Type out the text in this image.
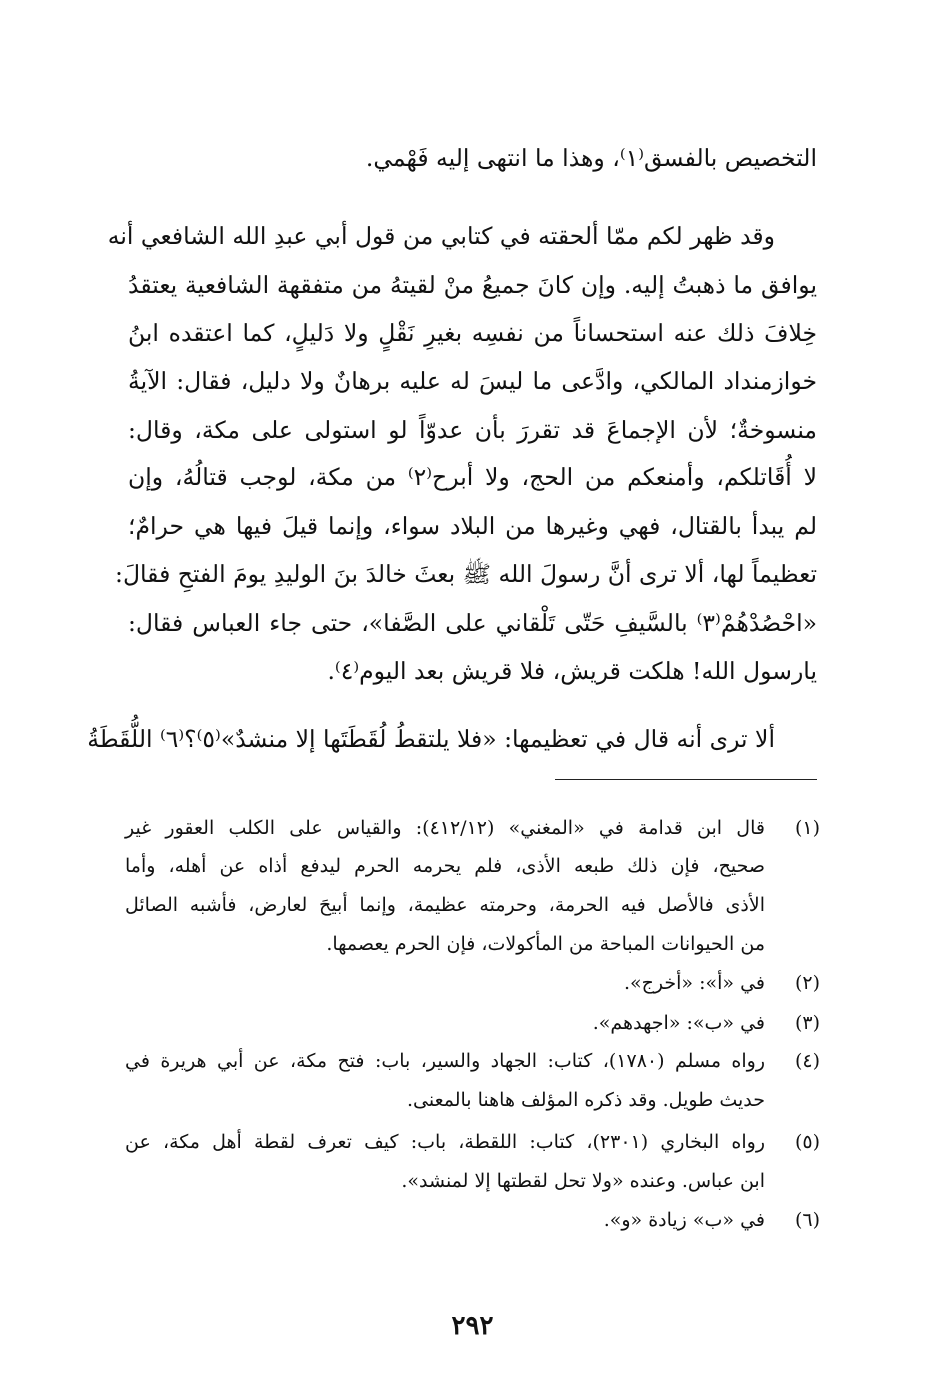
التخصيص بالفسق⁽١⁾، وهذا ما انتهى إليه فَهْمي.
وقد ظهر لكم ممّا ألحقته في كتابي من قول أبي عبدِ الله الشافعي أنه
يوافق ما ذهبتُ إليه. وإن كانَ جميعُ منْ لقيتهُ من متفقهة الشافعية يعتقدُ
خِلافَ ذلك عنه استحساناً من نفسِه بغيرِ نَقْلٍ ولا دَليلٍ، كما اعتقده ابنُ
خوازمنداد المالكي، وادَّعى ما ليسَ له عليه برهانٌ ولا دليل، فقال: الآيةُ
منسوخةٌ؛ لأن الإجماعَ قد تقررَ بأن عدوّاً لو استولى على مكة، وقال:
لا أُقَاتلكم، وأمنعكم من الحج، ولا أبرح⁽٢⁾ من مكة، لوجب قتالُهُ، وإن
لم يبدأ بالقتال، فهي وغيرها من البلاد سواء، وإنما قيلَ فيها هي حرامٌ؛
تعظيماً لها، ألا ترى أنَّ رسولَ الله ﷺ بعثَ خالدَ بنَ الوليدِ يومَ الفتحِ فقالَ:
«احْصُدْهُمْ⁽٣⁾ بالسَّيفِ حَتّى تَلْقاني على الصَّفا»، حتى جاء العباس فقال:
يارسول الله! هلكت قريش، فلا قريش بعد اليوم⁽٤⁾.
ألا ترى أنه قال في تعظيمها: «فلا يلتقطُ لُقَطَتَها إلا منشدٌ»⁽٥⁾؟⁽٦⁾ اللُّقَطَةُ
(١)
قال ابن قدامة في «المغني» (٤١٢/١٢): والقياس على الكلب العقور غير
صحيح، فإن ذلك طبعه الأذى، فلم يحرمه الحرم ليدفع أذاه عن أهله، وأما
الأذى فالأصل فيه الحرمة، وحرمته عظيمة، وإنما أبيحَ لعارض، فأشبه الصائل
من الحيوانات المباحة من المأكولات، فإن الحرم يعصمها.
(٢)
في «أ»: «أخرج».
(٣)
في «ب»: «اجهدهم».
(٤)
رواه مسلم (١٧٨٠)، كتاب: الجهاد والسير، باب: فتح مكة، عن أبي هريرة في
حديث طويل. وقد ذكره المؤلف هاهنا بالمعنى.
(٥)
رواه البخاري (٢٣٠١)، كتاب: اللقطة، باب: كيف تعرف لقطة أهل مكة، عن
ابن عباس. وعنده «ولا تحل لقطتها إلا لمنشد».
(٦)
في «ب» زيادة «و».
٢٩٢
